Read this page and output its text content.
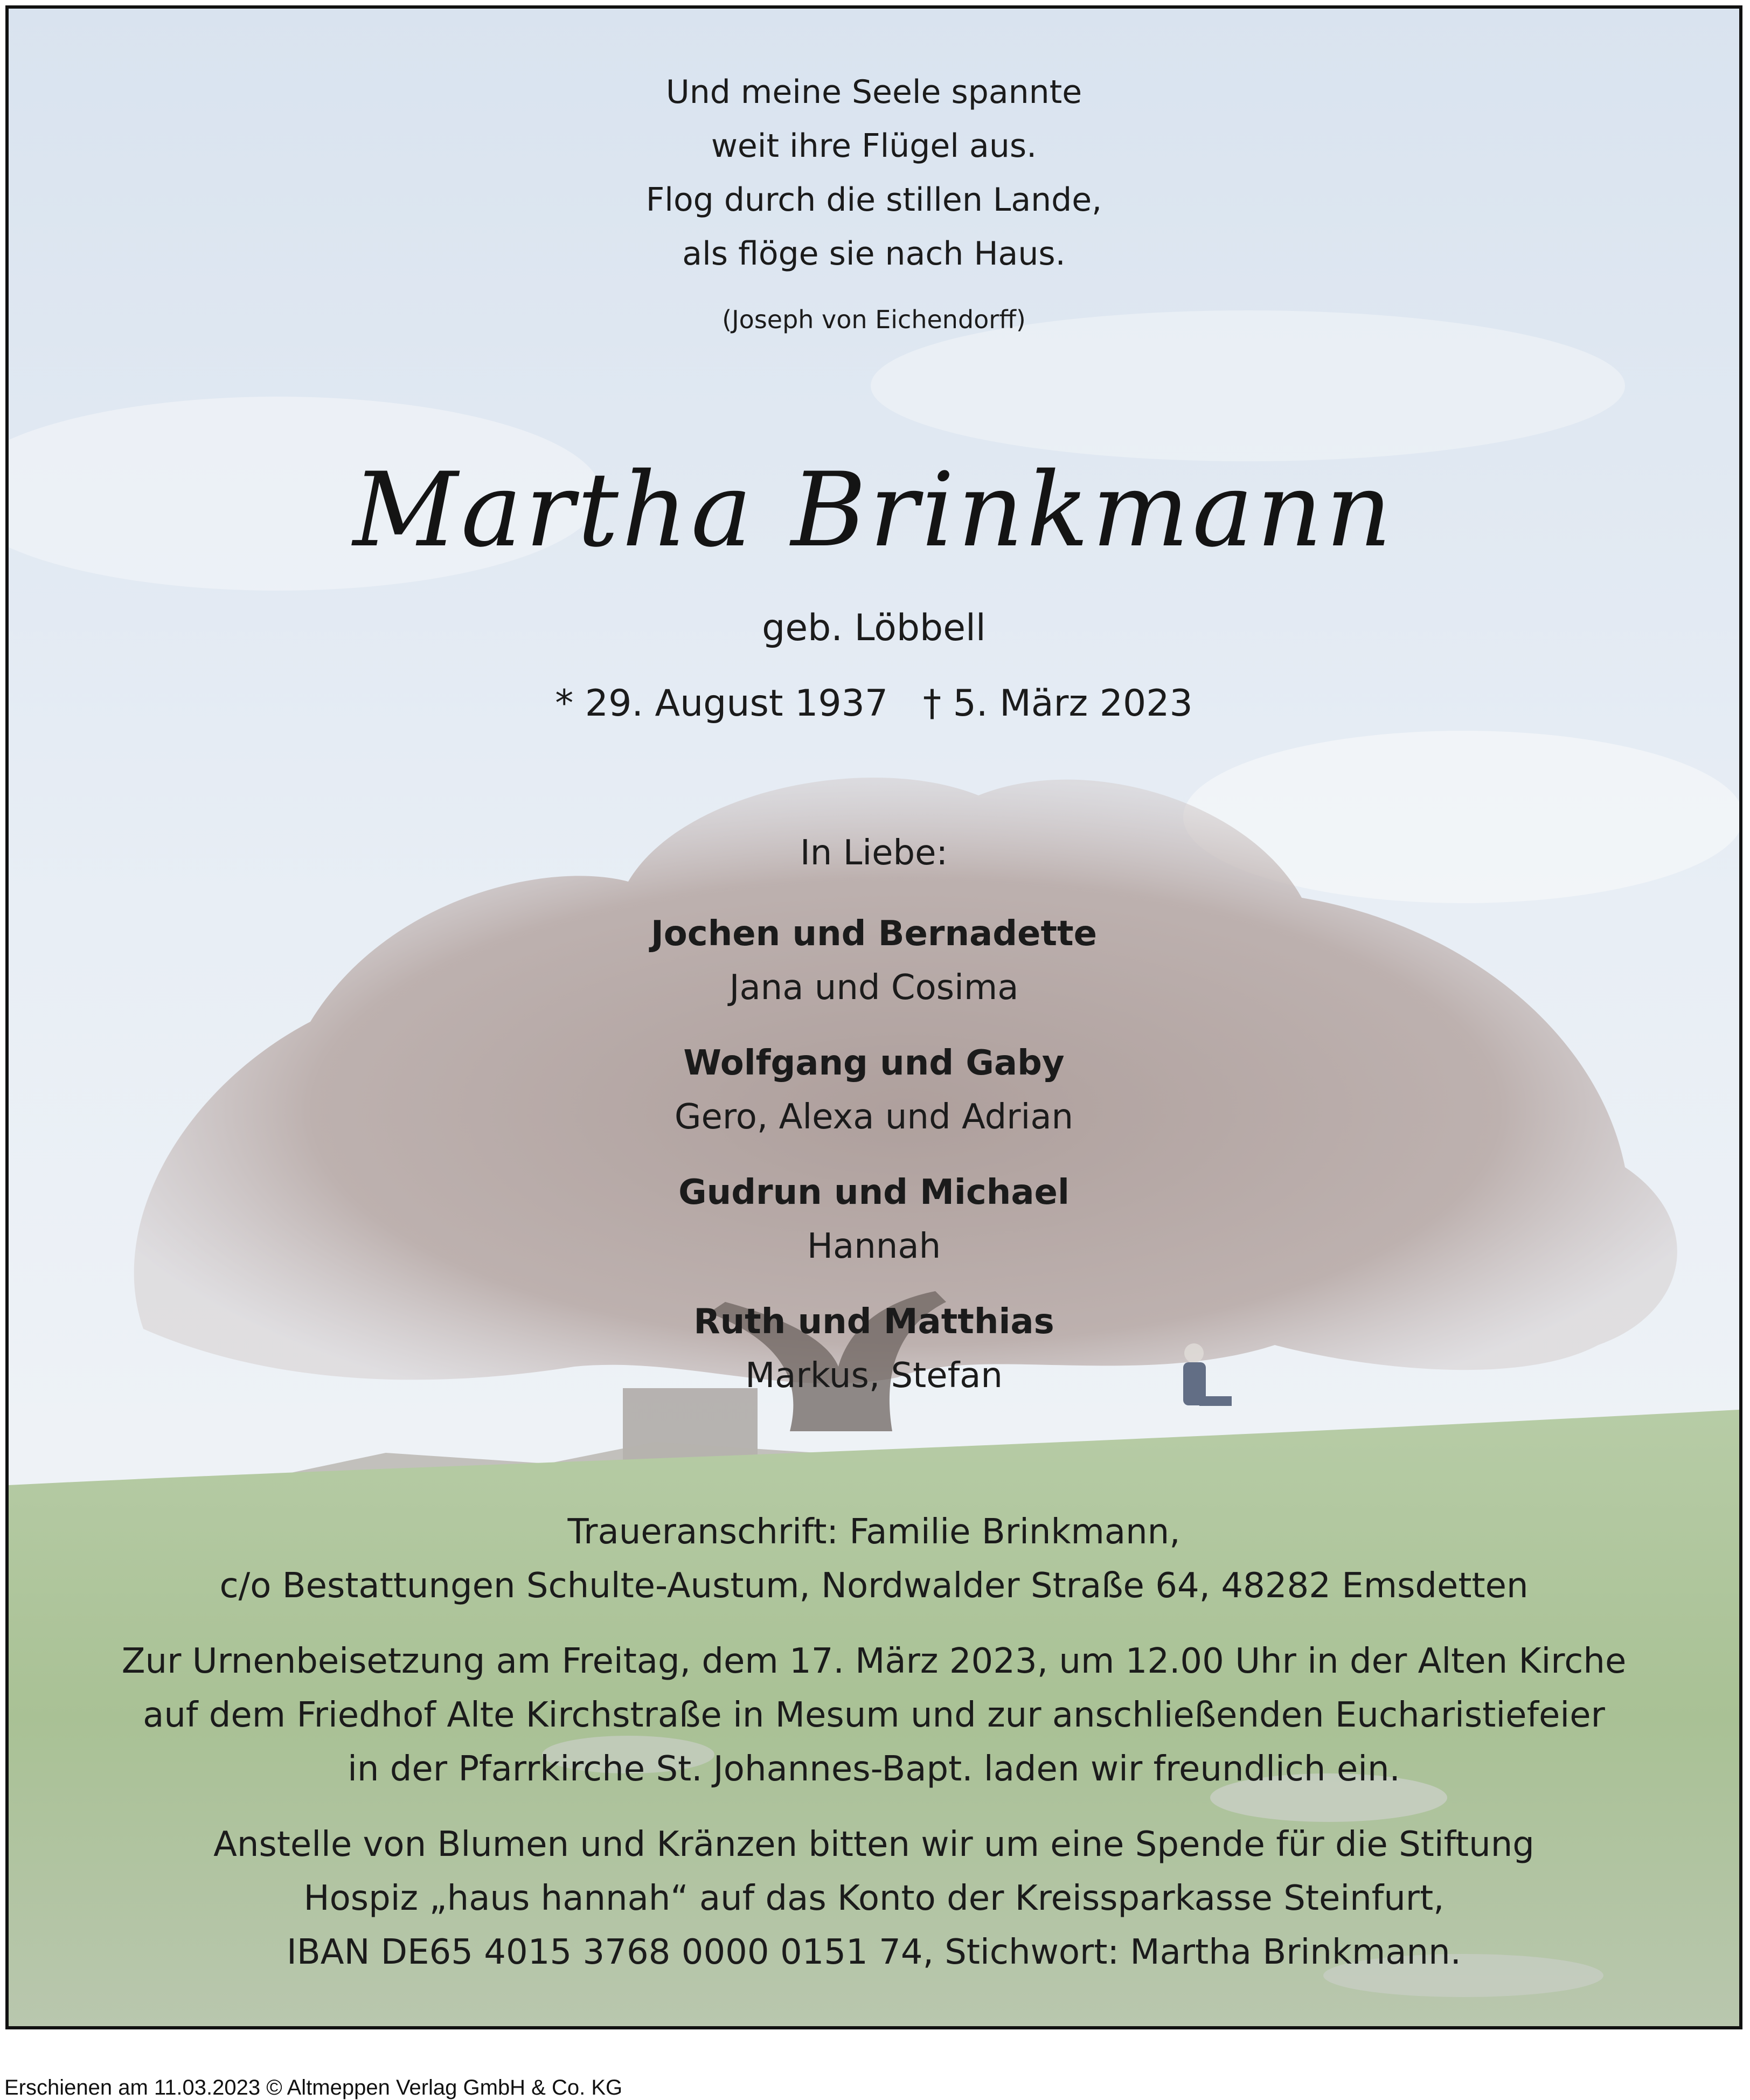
Und meine Seele spannte
weit ihre Flügel aus.
Flog durch die stillen Lande,
als flöge sie nach Haus.
(Joseph von Eichendorff)
Martha Brinkmann
geb. Löbbell
* 29. August 1937   † 5. März 2023
In Liebe:
Jochen und Bernadette
Jana und Cosima
Wolfgang und Gaby
Gero, Alexa und Adrian
Gudrun und Michael
Hannah
Ruth und Matthias
Markus, Stefan
Traueranschrift: Familie Brinkmann,
c/o Bestattungen Schulte-Austum, Nordwalder Straße 64, 48282 Emsdetten
Zur Urnenbeisetzung am Freitag, dem 17. März 2023, um 12.00 Uhr in der Alten Kirche
auf dem Friedhof Alte Kirchstraße in Mesum und zur anschließenden Eucharistiefeier
in der Pfarrkirche St. Johannes-Bapt. laden wir freundlich ein.
Anstelle von Blumen und Kränzen bitten wir um eine Spende für die Stiftung
Hospiz „haus hannah“ auf das Konto der Kreissparkasse Steinfurt,
IBAN DE65 4015 3768 0000 0151 74, Stichwort: Martha Brinkmann.
Erschienen am 11.03.2023 © Altmeppen Verlag GmbH & Co. KG
